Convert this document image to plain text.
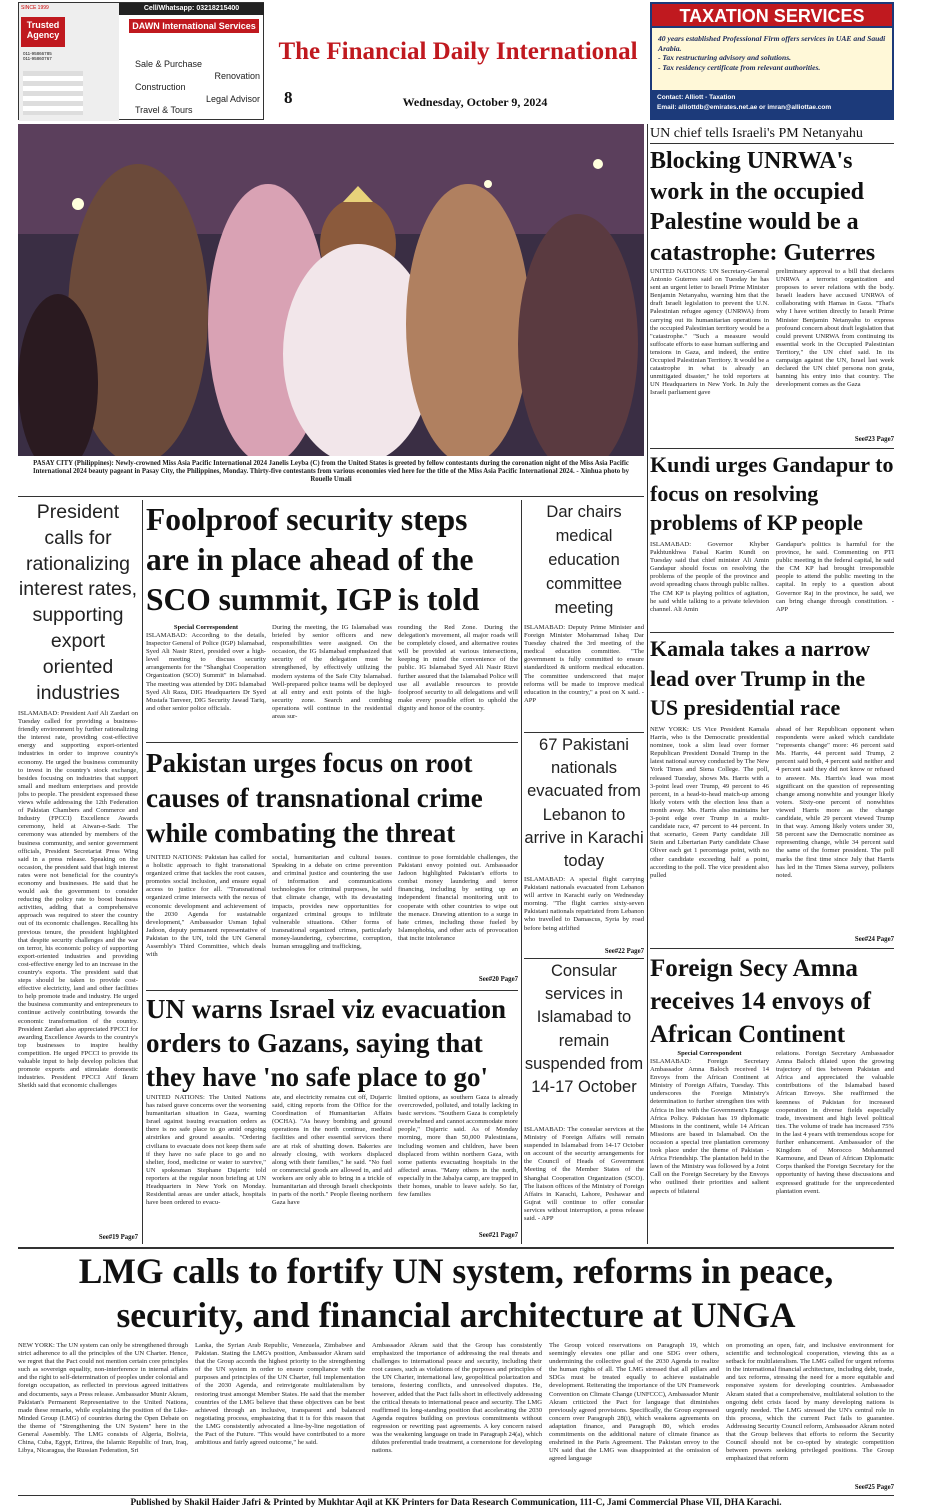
SINCE 1999
Trusted
Agency
011-95866785
011-95860767
Cell/Whatsapp: 03218215400
DAWN International Services
Sale & Purchase
Renovation
Construction
Legal Advisor
Travel & Tours
The Financial Daily International
8	Wednesday, October 9, 2024
TAXATION SERVICES
40 years established Professional Firm offers services in UAE and Saudi Arabia.
- Tax restructuring advisory and solutions.
- Tax residency certificate from relevant authorities.
Contact: Alliott - Taxation
Email: alliottdb@emirates.net.ae or imran@alliottae.com
PASAY CITY (Philippines): Newly-crowned Miss Asia Pacific International 2024 Janelis Leyba (C) from the United States is greeted by fellow contestants during the coronation night of the Miss Asia Pacific International 2024 beauty pageant in Pasay City, the Philippines, Monday. Thirty-five contestants from various economies vied here for the title of the Miss Asia Pacific International 2024. - Xinhua photo by Rouelle Umali
UN chief tells Israeli's PM Netanyahu
Blocking UNRWA's work in the occupied Palestine would be a catastrophe: Guterres
UNITED NATIONS: UN Secretary-General Antonio Guterres said on Tuesday he has sent an urgent letter to Israeli Prime Minister Benjamin Netanyahu, warning him that the draft Israeli legislation to prevent the U.N. Palestinian refugee agency (UNRWA) from carrying out its humanitarian operations in the occupied Palestinian territory would be a "catastrophe." "Such a measure would suffocate efforts to ease human suffering and tensions in Gaza, and indeed, the entire Occupied Palestinian Territory. It would be a catastrophe in what is already an unmitigated disaster," he told reporters at UN Headquarters in New York. In July the Israeli parliament gave
preliminary approval to a bill that declares UNRWA a terrorist organization and proposes to sever relations with the body. Israeli leaders have accused UNRWA of collaborating with Hamas in Gaza. "That's why I have written directly to Israeli Prime Minister Benjamin Netanyahu to express profound concern about draft legislation that could prevent UNRWA from continuing its essential work in the Occupied Palestinian Territory," the UN chief said. In its campaign against the UN, Israel last week declared the UN chief persona non grata, banning his entry into that country. The development comes as the Gaza
See#23 Page7
Kundi urges Gandapur to focus on resolving problems of KP people
ISLAMABAD: Governor Khyber Pakhtunkhwa Faisal Karim Kundi on Tuesday said that chief minister Ali Amin Gandapur should focus on resolving the problems of the people of the province and avoid spreading chaos through public rallies. The CM KP is playing politics of agitation, he said while talking to a private television channel. Ali Amin
Gandapur's politics is harmful for the province, he said. Commenting on PTI public meeting in the federal capital, he said the CM KP had brought irresponsible people to attend the public meeting in the capital. In reply to a question about Governor Raj in the province, he said, we can bring change through constitution. - APP
Kamala takes a narrow lead over Trump in the US presidential race
NEW YORK: US Vice President Kamala Harris, who is the Democratic presidential nominee, took a slim lead over former Republican President Donald Trump in the latest national survey conducted by The New York Times and Siena College. The poll, released Tuesday, shows Ms. Harris with a 3-point lead over Trump, 49 percent to 46 percent, in a head-to-head match-up among likely voters with the election less than a month away. Ms. Harris also maintains her 3-point edge over Trump in a multi-candidate race, 47 percent to 44 percent. In that scenario, Green Party candidate Jill Stein and Libertarian Party candidate Chase Oliver each get 1 percentage point, with no other candidate exceeding half a point, according to the poll. The vice president also pulled
ahead of her Republican opponent when respondents were asked which candidate "represents change" more: 46 percent said Ms. Harris, 44 percent said Trump, 2 percent said both, 4 percent said neither and 4 percent said they did not know or refused to answer. Ms. Harris's lead was most significant on the question of representing change among nonwhite and younger likely voters. Sixty-one percent of nonwhites viewed Harris more as the change candidate, while 29 percent viewed Trump in that way. Among likely voters under 30, 58 percent saw the Democratic nominee as representing change, while 34 percent said the same of the former president. The poll marks the first time since July that Harris has led in the Times Siena survey, pollsters noted.
See#24 Page7
Foreign Secy Amna receives 14 envoys of African Continent
Special Correspondent
ISLAMABAD: Foreign Secretary Ambassador Amna Baloch received 14 Envoys from the African Continent at Ministry of Foreign Affairs, Tuesday. This underscores the Foreign Ministry's determination to further strengthen ties with Africa in line with the Government's Engage Africa Policy. Pakistan has 19 diplomatic Missions in the continent, while 14 African Missions are based in Islamabad. On the occasion a special tree plantation ceremony took place under the theme of Pakistan - Africa Friendship. The plantation held in the lawn of the Ministry was followed by a Joint Call on the Foreign Secretary by the Envoys who outlined their priorities and salient aspects of bilateral
relations. Foreign Secretary Ambassador Amna Baloch dilated upon the growing trajectory of ties between Pakistan and Africa and appreciated the valuable contributions of the Islamabad based African Envoys. She reaffirmed the keenness of Pakistan for increased cooperation in diverse fields especially trade, investment and high level political ties. The volume of trade has increased 75% in the last 4 years with tremendous scope for further enhancement. Ambassador of the Kingdom of Morocco Mohammed Karmoune, and Dean of African Diplomatic Corps thanked the Foreign Secretary for the opportunity of having these discussions and expressed gratitude for the unprecedented plantation event.
President calls for rationalizing interest rates, supporting export oriented industries
ISLAMABAD: President Asif Ali Zardari on Tuesday called for providing a business-friendly environment by further rationalizing the interest rate, providing cost-effective energy and supporting export-oriented industries in order to improve country's economy. He urged the business community to invest in the country's stock exchange, besides focusing on industries that support small and medium enterprises and provide jobs to people. The president expressed these views while addressing the 12th Federation of Pakistan Chambers and Commerce and Industry (FPCCI) Excellence Awards ceremony, held at Aiwan-e-Sadr. The ceremony was attended by members of the business community, and senior government officials, President Secretariat Press Wing said in a press release. Speaking on the occasion, the president said that high interest rates were not beneficial for the country's economy and businesses. He said that he would ask the government to consider reducing the policy rate to boost business activities, adding that a comprehensive approach was required to steer the country out of its economic challenges. Recalling his previous tenure, the president highlighted that despite security challenges and the war on terror, his economic policy of supporting export-oriented industries and providing cost-effective energy led to an increase in the country's exports. The president said that steps should be taken to provide cost-effective electricity, land and other facilities to help promote trade and industry. He urged the business community and entrepreneurs to continue actively contributing towards the economic transformation of the country. President Zardari also appreciated FPCCI for awarding Excellence Awards to the country's top businesses to inspire healthy competition. He urged FPCCI to provide its valuable input to help develop policies that promote exports and stimulate domestic industries. President FPCCI Atif Ikram Sheikh said that economic challenges
See#19 Page7
Foolproof security steps are in place ahead of the SCO summit, IGP is told
Special Correspondent
ISLAMABAD: According to the details, Inspector General of Police (IGP) Islamabad, Syed Ali Nasir Rizvi, presided over a high-level meeting to discuss security arrangements for the "Shanghai Cooperation Organization (SCO) Summit" in Islamabad. The meeting was attended by DIG Islamabad Syed Ali Raza, DIG Headquarters Dr Syed Mustafa Tanveer, DIG Security Jawad Tariq, and other senior police officials.
During the meeting, the IG Islamabad was briefed by senior officers and new responsibilities were assigned. On the occasion, the IG Islamabad emphasized that security of the delegation must be strengthened, by effectively utilizing the modern systems of the Safe City Islamabad. Well-prepared police teams will be deployed at all entry and exit points of the high-security zone. Search and combing operations will continue in the residential areas sur-
rounding the Red Zone. During the delegation's movement, all major roads will be completely closed, and alternative routes will be provided at various intersections, keeping in mind the convenience of the public. IG Islamabad Syed Ali Nasir Rizvi further assured that the Islamabad Police will use all available resources to provide foolproof security to all delegations and will make every possible effort to uphold the dignity and honor of the country.
Pakistan urges focus on root causes of transnational crime while combating the threat
UNITED NATIONS: Pakistan has called for a holistic approach to fight transnational organized crime that tackles the root causes, promotes social inclusion, and ensure equal access to justice for all. "Transnational organized crime intersects with the nexus of economic development and achievement of the 2030 Agenda for sustainable development," Ambassador Usman Iqbal Jadoon, deputy permanent representative of Pakistan to the UN, told the UN General Assembly's Third Committee, which deals with
social, humanitarian and cultural issues. Speaking in a debate on crime prevention and criminal justice and countering the use of information and communications technologies for criminal purposes, he said that climate change, with its devastating impacts, provides new opportunities for organized criminal groups to infiltrate vulnerable situations. Other forms of transnational organized crimes, particularly money-laundering, cybercrime, corruption, human smuggling and trafficking,
continue to pose formidable challenges, the Pakistani envoy pointed out. Ambassador Jadoon highlighted Pakistan's efforts to combat money laundering and terror financing, including by setting up an independent financial monitoring unit to cooperate with other countries to wipe out the menace. Drawing attention to a surge in hate crimes, including those fueled by Islamophobia, and other acts of provocation that incite intolerance
See#20 Page7
UN warns Israel viz evacuation orders to Gazans, saying that they have 'no safe place to go'
UNITED NATIONS: The United Nations has raised grave concerns over the worsening humanitarian situation in Gaza, warning Israel against issuing evacuation orders as there is no safe place to go amid ongoing airstrikes and ground assaults. "Ordering civilians to evacuate does not keep them safe if they have no safe place to go and no shelter, food, medicine or water to survive," UN spokesman Stephane Dujarric told reporters at the regular noon briefing at UN Headquarters in New York on Monday. Residential areas are under attack, hospitals have been ordered to evacu-
ate, and electricity remains cut off, Dujarric said, citing reports from the Office for the Coordination of Humanitarian Affairs (OCHA). "As heavy bombing and ground operations in the north continue, medical facilities and other essential services there are at risk of shutting down. Bakeries are already closing, with workers displaced along with their families," he said. "No fuel or commercial goods are allowed in, and aid workers are only able to bring in a trickle of humanitarian aid through Israeli checkpoints in parts of the north." People fleeing northern Gaza have
limited options, as southern Gaza is already overcrowded, polluted, and totally lacking in basic services. "Southern Gaza is completely overwhelmed and cannot accommodate more people," Dujarric said. As of Monday morning, more than 50,000 Palestinians, including women and children, have been displaced from within northern Gaza, with some patients evacuating hospitals in the affected areas. "Many others in the north, especially in the Jabalya camp, are trapped in their homes, unable to leave safely. So far, few families
See#21 Page7
Dar chairs medical education committee meeting
ISLAMABAD: Deputy Prime Minister and Foreign Minister Mohammad Ishaq Dar Tuesday chaired the 3rd meeting of the medical education committee. "The government is fully committed to ensure standardized & uniform medical education. The committee underscored that major reforms will be made to improve medical education in the country," a post on X said. - APP
67 Pakistani nationals evacuated from Lebanon to arrive in Karachi today
ISLAMABAD: A special flight carrying Pakistani nationals evacuated from Lebanon will arrive in Karachi early on Wednesday morning. "The flight carries sixty-seven Pakistani nationals repatriated from Lebanon who travelled to Damascus, Syria by road before being airlifted
See#22 Page7
Consular services in Islamabad to remain suspended from 14-17 October
ISLAMABAD: The consular services at the Ministry of Foreign Affairs will remain suspended in Islamabad from 14-17 October on account of the security arrangements for the Council of Heads of Government Meeting of the Member States of the Shanghai Cooperation Organization (SCO). The liaison offices of the Ministry of Foreign Affairs in Karachi, Lahore, Peshawar and Gujrat will continue to offer consular services without interruption, a press release said. - APP
LMG calls to fortify UN system, reforms in peace, security, and financial architecture at UNGA
NEW YORK: The UN system can only be strengthened through strict adherence to all the principles of the UN Charter. Hence, we regret that the Pact could not mention certain core principles such as sovereign equality, non-interference in internal affairs and the right to self-determination of peoples under colonial and foreign occupation, as reflected in previous agreed initiatives and documents, says a Press release. Ambassador Munir Akram, Pakistan's Permanent Representative to the United Nations, made these remarks, while explaining the position of the Like-Minded Group (LMG) of countries during the Open Debate on the theme of "Strengthening the UN System" here in the General Assembly. The LMG consists of Algeria, Bolivia, China, Cuba, Egypt, Eritrea, the Islamic Republic of Iran, Iraq, Libya, Nicaragua, the Russian Federation, Sri
Lanka, the Syrian Arab Republic, Venezuela, Zimbabwe and Pakistan. Stating the LMG's position, Ambassador Akram said that the Group accords the highest priority to the strengthening of the UN system in order to ensure compliance with the purposes and principles of the UN Charter, full implementation of the 2030 Agenda, and reinvigorate multilateralism by restoring trust amongst Member States. He said that the member countries of the LMG believe that these objectives can be best achieved through an inclusive, transparent and balanced negotiating process, emphasizing that it is for this reason that the LMG consistently advocated a line-by-line negotiation of the Pact of the Future. "This would have contributed to a more ambitious and fairly agreed outcome," he said.
Ambassador Akram said that the Group has consistently emphasized the importance of addressing the real threats and challenges to international peace and security, including their root causes, such as violations of the purposes and principles of the UN Charter, international law, geopolitical polarization and tensions, festering conflicts, and unresolved disputes. He, however, added that the Pact falls short in effectively addressing the critical threats to international peace and security. The LMG reaffirmed its long-standing position that accelerating the 2030 Agenda requires building on previous commitments without regression or rewriting past agreements. A key concern raised was the weakening language on trade in Paragraph 24(a), which dilutes preferential trade treatment, a cornerstone for developing nations.
The Group voiced reservations on Paragraph 19, which seemingly elevates one pillar and one SDG over others, undermining the collective goal of the 2030 Agenda to realize the human rights of all. The LMG stressed that all pillars and SDGs must be treated equally to achieve sustainable development. Reiterating the importance of the UN Framework Convention on Climate Change (UNFCCC), Ambassador Munir Akram criticized the Pact for language that diminishes previously agreed provisions. Specifically, the Group expressed concern over Paragraph 28(i), which weakens agreements on adaptation finance, and Paragraph 80, which erodes commitments on the additional nature of climate finance as enshrined in the Paris Agreement. The Pakistan envoy to the UN said that the LMG was disappointed at the omission of agreed language
on promoting an open, fair, and inclusive environment for scientific and technological cooperation, viewing this as a setback for multilateralism. The LMG called for urgent reforms in the international financial architecture, including debt, trade, and tax reforms, stressing the need for a more equitable and responsive system for developing countries. Ambassador Akram stated that a comprehensive, multilateral solution to the ongoing debt crisis faced by many developing nations is urgently needed. The LMG stressed the UN's central role in this process, which the current Pact fails to guarantee. Addressing Security Council reform, Ambassador Akram noted that the Group believes that efforts to reform the Security Council should not be co-opted by strategic competition between powers seeking privileged positions. The Group emphasized that reform
See#25 Page7
Published by Shakil Haider Jafri & Printed by Mukhtar Aqil at KK Printers for Data Research Communication, 111-C, Jami Commercial Phase VII, DHA Karachi.
